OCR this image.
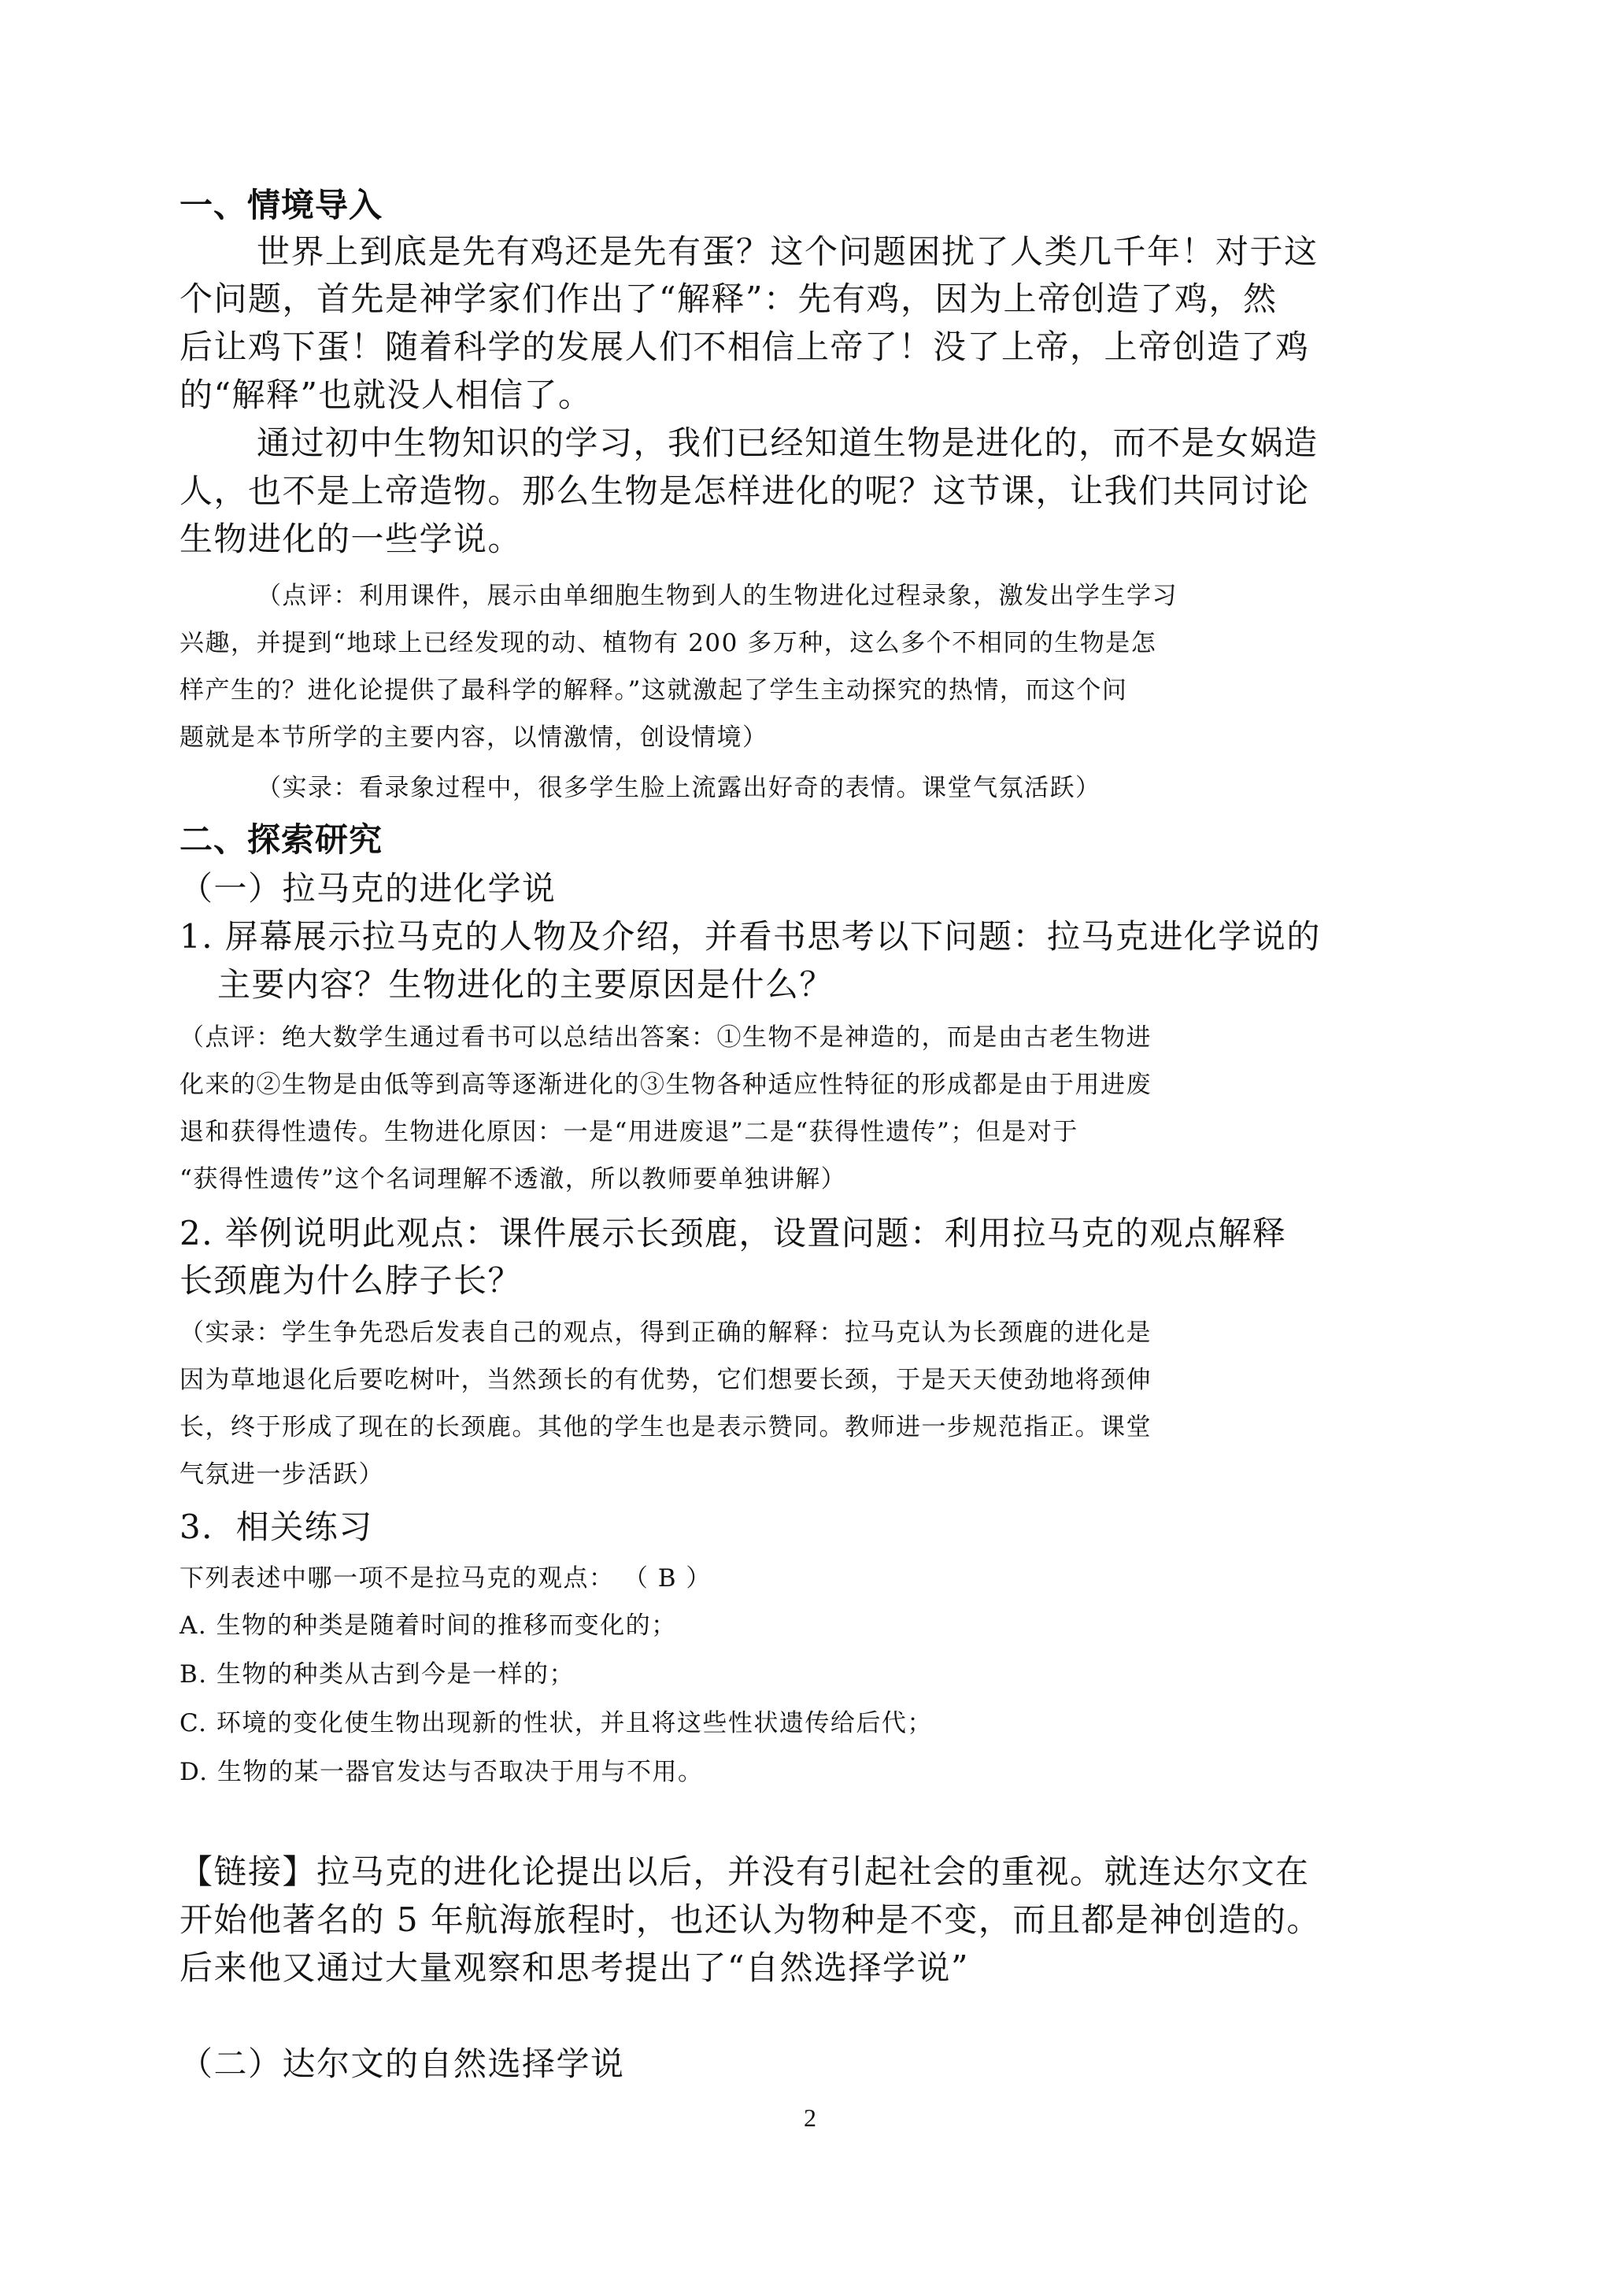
一、情境导入
世界上到底是先有鸡还是先有蛋？这个问题困扰了人类几千年！对于这
个问题，首先是神学家们作出了“解释”：先有鸡，因为上帝创造了鸡，然
后让鸡下蛋！随着科学的发展人们不相信上帝了！没了上帝，上帝创造了鸡
的“解释”也就没人相信了。
通过初中生物知识的学习，我们已经知道生物是进化的，而不是女娲造
人，也不是上帝造物。那么生物是怎样进化的呢？这节课，让我们共同讨论
生物进化的一些学说。
（点评：利用课件，展示由单细胞生物到人的生物进化过程录象，激发出学生学习
兴趣，并提到“地球上已经发现的动、植物有 200 多万种，这么多个不相同的生物是怎
样产生的？进化论提供了最科学的解释。”这就激起了学生主动探究的热情，而这个问
题就是本节所学的主要内容，以情激情，创设情境）
（实录：看录象过程中，很多学生脸上流露出好奇的表情。课堂气氛活跃）
二、探索研究
（一）拉马克的进化学说
1. 屏幕展示拉马克的人物及介绍，并看书思考以下问题：拉马克进化学说的
主要内容？生物进化的主要原因是什么？
（点评：绝大数学生通过看书可以总结出答案：①生物不是神造的，而是由古老生物进
化来的②生物是由低等到高等逐渐进化的③生物各种适应性特征的形成都是由于用进废
退和获得性遗传。生物进化原因：一是“用进废退”二是“获得性遗传”；但是对于
“获得性遗传”这个名词理解不透澈，所以教师要单独讲解）
2. 举例说明此观点：课件展示长颈鹿，设置问题：利用拉马克的观点解释
长颈鹿为什么脖子长？
（实录：学生争先恐后发表自己的观点，得到正确的解释：拉马克认为长颈鹿的进化是
因为草地退化后要吃树叶，当然颈长的有优势，它们想要长颈，于是天天使劲地将颈伸
长，终于形成了现在的长颈鹿。其他的学生也是表示赞同。教师进一步规范指正。课堂
气氛进一步活跃）
3．相关练习
下列表述中哪一项不是拉马克的观点： （ B ）
A. 生物的种类是随着时间的推移而变化的；
B. 生物的种类从古到今是一样的；
C. 环境的变化使生物出现新的性状，并且将这些性状遗传给后代；
D. 生物的某一器官发达与否取决于用与不用。
【链接】拉马克的进化论提出以后，并没有引起社会的重视。就连达尔文在
开始他著名的 5 年航海旅程时，也还认为物种是不变，而且都是神创造的。
后来他又通过大量观察和思考提出了“自然选择学说”
（二）达尔文的自然选择学说
2
